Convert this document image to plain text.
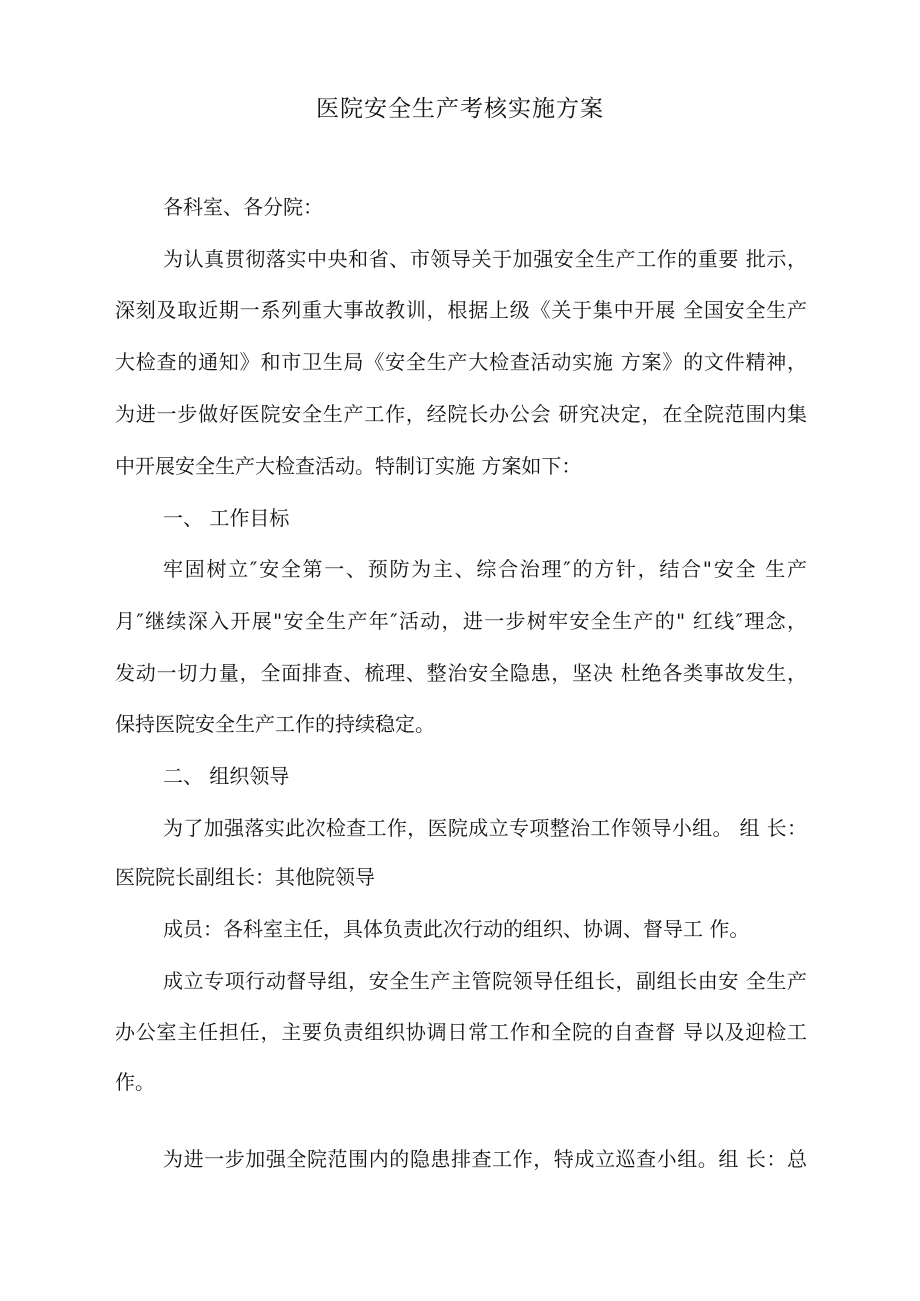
医院安全生产考核实施方案

各科室、各分院：

为认真贯彻落实中央和省、市领导关于加强安全生产工作的重要 批示，

深刻及取近期一系列重大事故教训，根据上级《关于集中开展 全国安全生产

大检查的通知》和市卫生局《安全生产大检查活动实施 方案》的文件精神，

为进一步做好医院安全生产工作，经院长办公会 研究决定，在全院范围内集

中开展安全生产大检查活动。特制订实施 方案如下：

一、 工作目标

牢固树立″安全第一、预防为主、综合治理″的方针，结合"安全 生产

月″继续深入开展"安全生产年″活动，进一步树牢安全生产的" 红线″理念，

发动一切力量，全面排查、梳理、整治安全隐患，坚决 杜绝各类事故发生，

保持医院安全生产工作的持续稳定。

二、 组织领导

为了加强落实此次检查工作，医院成立专项整治工作领导小组。 组 长：

医院院长副组长：其他院领导

成员：各科室主任，具体负责此次行动的组织、协调、督导工 作。

成立专项行动督导组，安全生产主管院领导任组长，副组长由安 全生产

办公室主任担任，主要负责组织协调日常工作和全院的自查督 导以及迎检工

作。

为进一步加强全院范围内的隐患排查工作，特成立巡查小组。组 长：总
